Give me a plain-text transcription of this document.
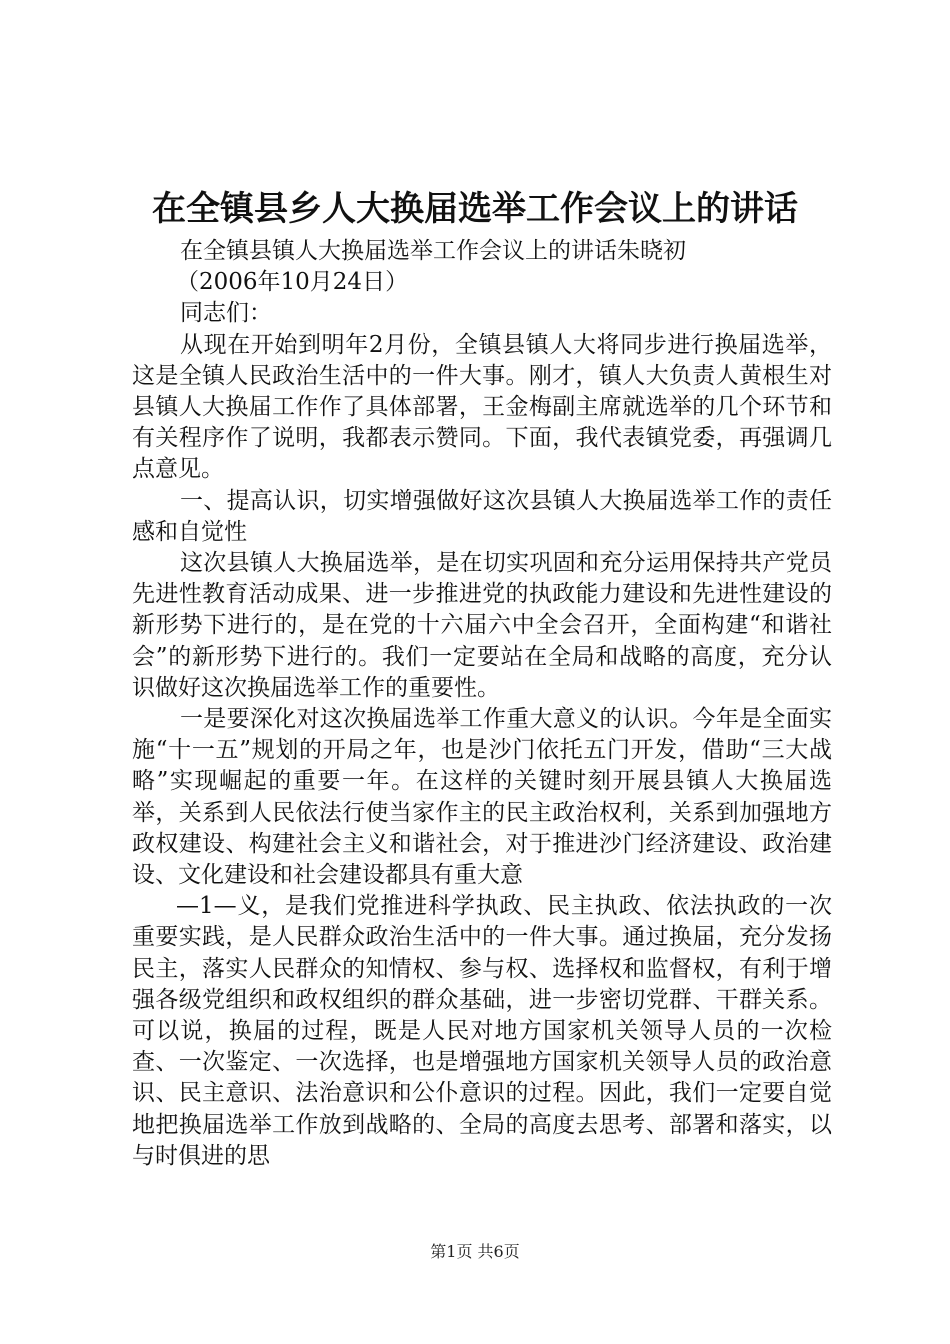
在全镇县乡人大换届选举工作会议上的讲话

在全镇县镇人大换届选举工作会议上的讲话朱晓初

（2006年10月24日）

同志们：

从现在开始到明年2月份，全镇县镇人大将同步进行换届选举，这是全镇人民政治生活中的一件大事。刚才，镇人大负责人黄根生对县镇人大换届工作作了具体部署，王金梅副主席就选举的几个环节和有关程序作了说明，我都表示赞同。下面，我代表镇党委，再强调几点意见。

一、提高认识，切实增强做好这次县镇人大换届选举工作的责任感和自觉性

这次县镇人大换届选举，是在切实巩固和充分运用保持共产党员先进性教育活动成果、进一步推进党的执政能力建设和先进性建设的新形势下进行的，是在党的十六届六中全会召开，全面构建“和谐社会”的新形势下进行的。我们一定要站在全局和战略的高度，充分认识做好这次换届选举工作的重要性。

一是要深化对这次换届选举工作重大意义的认识。今年是全面实施“十一五”规划的开局之年，也是沙门依托五门开发，借助“三大战略”实现崛起的重要一年。在这样的关键时刻开展县镇人大换届选举，关系到人民依法行使当家作主的民主政治权利，关系到加强地方政权建设、构建社会主义和谐社会，对于推进沙门经济建设、政治建设、文化建设和社会建设都具有重大意

—1—义，是我们党推进科学执政、民主执政、依法执政的一次重要实践，是人民群众政治生活中的一件大事。通过换届，充分发扬民主，落实人民群众的知情权、参与权、选择权和监督权，有利于增强各级党组织和政权组织的群众基础，进一步密切党群、干群关系。可以说，换届的过程，既是人民对地方国家机关领导人员的一次检查、一次鉴定、一次选择，也是增强地方国家机关领导人员的政治意识、民主意识、法治意识和公仆意识的过程。因此，我们一定要自觉地把换届选举工作放到战略的、全局的高度去思考、部署和落实，以与时俱进的思

第1页 共6页
